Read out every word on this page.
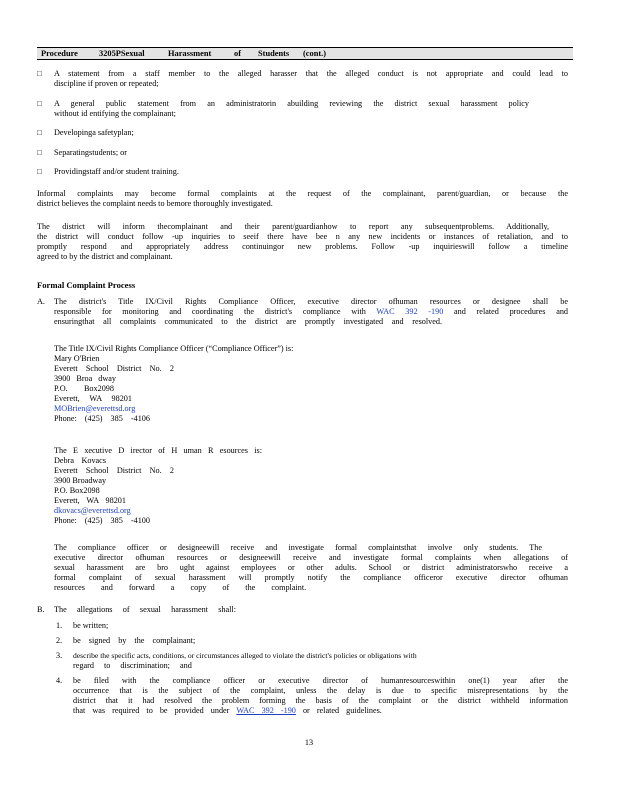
Procedure	3205PSexual	Harassment	of Students (cont.)
□ A statement from a staff member to the alleged harasser that the alleged conduct is not appropriate and could lead to
discipline if proven or repeated;
□ A general public statement from an administratorin abuilding reviewing the district sexual harassment policy
without id entifying the complainant;
□ Developinga safetyplan;
□ Separatingstudents; or
□ Providingstaff and/or student training.
Informal complaints may become formal complaints at the request of the complainant, parent/guardian, or because the
district believes the complaint needs to bemore thoroughly investigated.
The district will inform thecomplainant and their parent/guardianhow to report any subsequentproblems. Additionally,
the district will conduct follow -up inquiries to seeif there have bee n any new incidents or instances of retaliation, and to
promptly respond and appropriately address continuingor new problems. Follow -up inquirieswill follow a timeline
agreed to by the district and complainant.
Formal Complaint Process
A. The district's Title IX/Civil Rights Compliance Officer, executive director ofhuman resources or designee shall be
responsible for monitoring and coordinating the district's compliance with WAC 392 -190 and related procedures and
ensuringthat all complaints communicated to the district are promptly investigated and resolved.
The Title IX/Civil Rights Compliance Officer (“Compliance Officer”) is:
Mary O'Brien
Everett School District No. 2
3900 Broa dway
P.O. Box2098
Everett, WA 98201
MOBrien@everettsd.org
Phone: (425) 385 -4106
The E xecutive D irector of H uman R esources is:
Debra Kovacs
Everett School District No. 2
3900 Broadway
P.O. Box2098
Everett, WA 98201
dkovacs@everettsd.org
Phone: (425) 385 -4100
The compliance officer or designeewill receive and investigate formal complaintsthat involve only students. The
executive director ofhuman resources or designeewill receive and investigate formal complaints when allegations of
sexual harassment are bro ught against employees or other adults. School or district administratorswho receive a
formal complaint of sexual harassment will promptly notify the compliance officeror executive director ofhuman
resources and forward a copy of the complaint.
B. The allegations of sexual harassment shall:
1. be written;
2. be signed by the complainant;
3. describe the specific acts, conditions, or circumstances alleged to violate the district's policies or obligations with
regard to discrimination; and
4. be filed with the compliance officer or executive director of humanresourceswithin one(1) year after the
occurrence that is the subject of the complaint, unless the delay is due to specific misrepresentations by the
district that it had resolved the problem forming the basis of the complaint or the district withheld information
that was required to be provided under WAC 392 -190 or related guidelines.
13
